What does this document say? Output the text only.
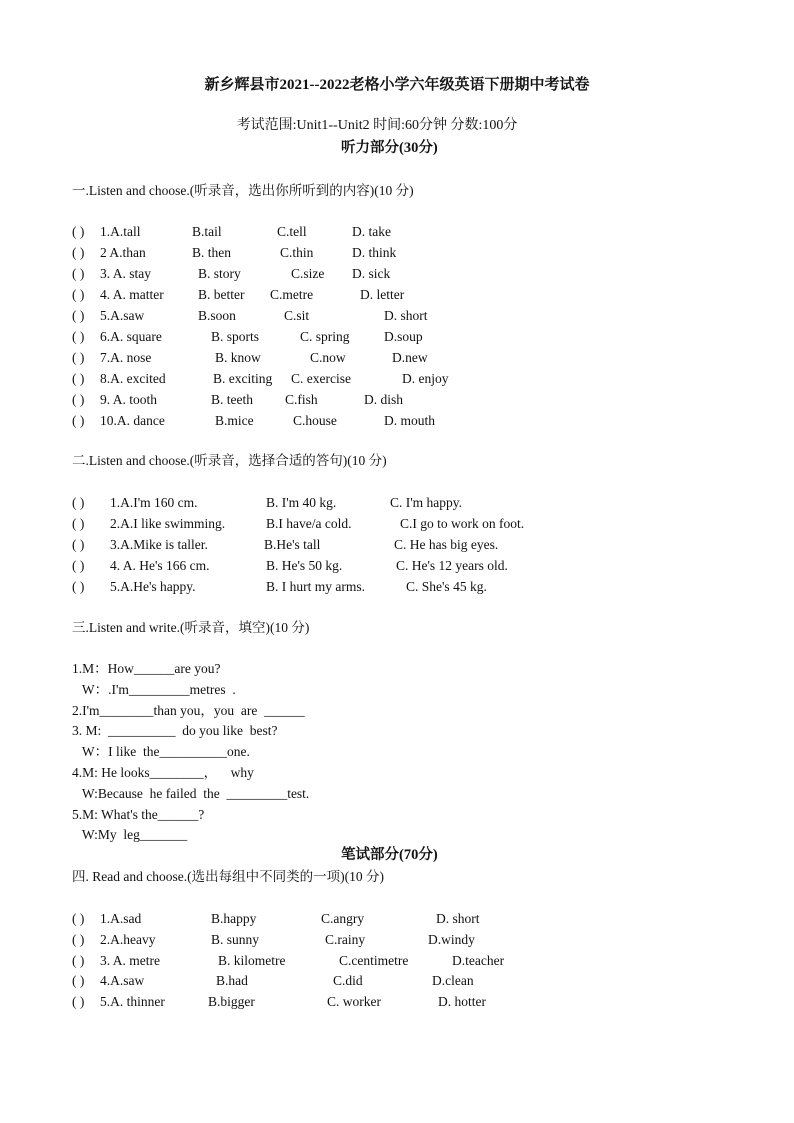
新乡辉县市2021--2022老格小学六年级英语下册期中考试卷
考试范围:Unit1--Unit2 时间:60分钟 分数:100分
听力部分(30分)
一.Listen and choose.(听录音，选出你所听到的内容)(10 分)
( ) 1.A.tall	B.tail	C.tell	D. take
( ) 2 A.than	B. then	C.thin	D. think
( ) 3. A. stay	B. story	C.size D. sick
( ) 4. A. matter	B. better C.metre	D. letter
( ) 5.A.saw	B.soon	C.sit	D. short
( ) 6.A. square	B. sports	C. spring	D.soup
( ) 7.A. nose	B. know	C.now	D.new
( ) 8.A. excited	B. exciting C. exercise	D. enjoy
( ) 9. A. tooth	B. teeth C.fish	D. dish
( ) 10.A. dance	B.mice	C.house	D. mouth
二.Listen and choose.(听录音，选择合适的答句)(10 分)
( ) 1.A.I'm 160 cm.	B. I'm 40 kg.	C. I'm happy.
( ) 2.A.I like swimming.	B.I have/a cold.	C.I go to work on foot.
( ) 3.A.Mike is taller.	B.He's tall	C. He has big eyes.
( ) 4. A. He's 166 cm.	B. He's 50 kg.	C. He's 12 years old.
( ) 5.A.He's happy.	B. I hurt my arms.	C. She's 45 kg.
三.Listen and write.(听录音，填空)(10 分)
1.M：How______are you?
W：.I'm_________metres  .
2.I'm________than you，you  are  ______
3. M:  __________  do you like  best?
W：I like  the__________one.
4.M: He looks________，    why
W:Because  he failed  the  _________test.
5.M: What's the______?
W:My  leg_______
笔试部分(70分)
四. Read and choose.(选出每组中不同类的一项)(10 分)
( ) 1.A.sad	B.happy	C.angry	D. short
( ) 2.A.heavy	B. sunny	C.rainy	D.windy
( ) 3. A. metre	B. kilometre	C.centimetre	D.teacher
( ) 4.A.saw	B.had	C.did	D.clean
( ) 5.A. thinner	B.bigger	C. worker	D. hotter
